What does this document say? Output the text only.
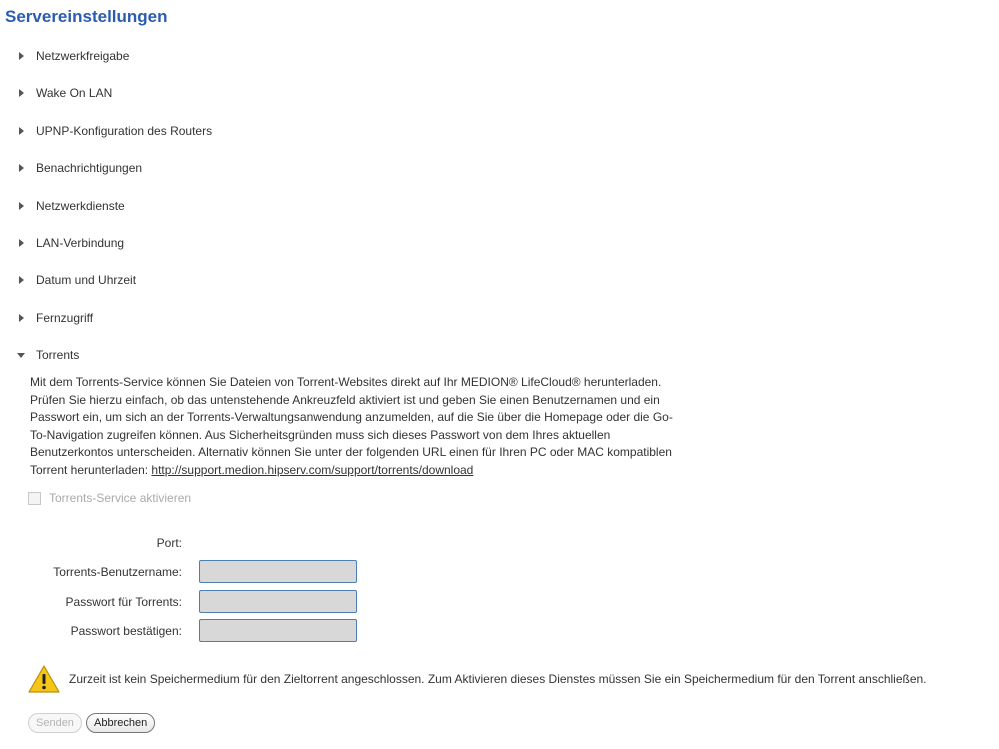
Servereinstellungen
Netzwerkfreigabe
Wake On LAN
UPNP-Konfiguration des Routers
Benachrichtigungen
Netzwerkdienste
LAN-Verbindung
Datum und Uhrzeit
Fernzugriff
Torrents

Mit dem Torrents-Service können Sie Dateien von Torrent-Websites direkt auf Ihr MEDION® LifeCloud® herunterladen.
Prüfen Sie hierzu einfach, ob das untenstehende Ankreuzfeld aktiviert ist und geben Sie einen Benutzernamen und ein
Passwort ein, um sich an der Torrents-Verwaltungsanwendung anzumelden, auf die Sie über die Homepage oder die Go-
To-Navigation zugreifen können. Aus Sicherheitsgründen muss sich dieses Passwort von dem Ihres aktuellen
Benutzerkontos unterscheiden. Alternativ können Sie unter der folgenden URL einen für Ihren PC oder MAC kompatiblen
Torrent herunterladen: http://support.medion.hipserv.com/support/torrents/download

Torrents-Service aktivieren
Port:
Torrents-Benutzername:
Passwort für Torrents:
Passwort bestätigen:
Zurzeit ist kein Speichermedium für den Zieltorrent angeschlossen. Zum Aktivieren dieses Dienstes müssen Sie ein Speichermedium für den Torrent anschließen.
Senden	Abbrechen
